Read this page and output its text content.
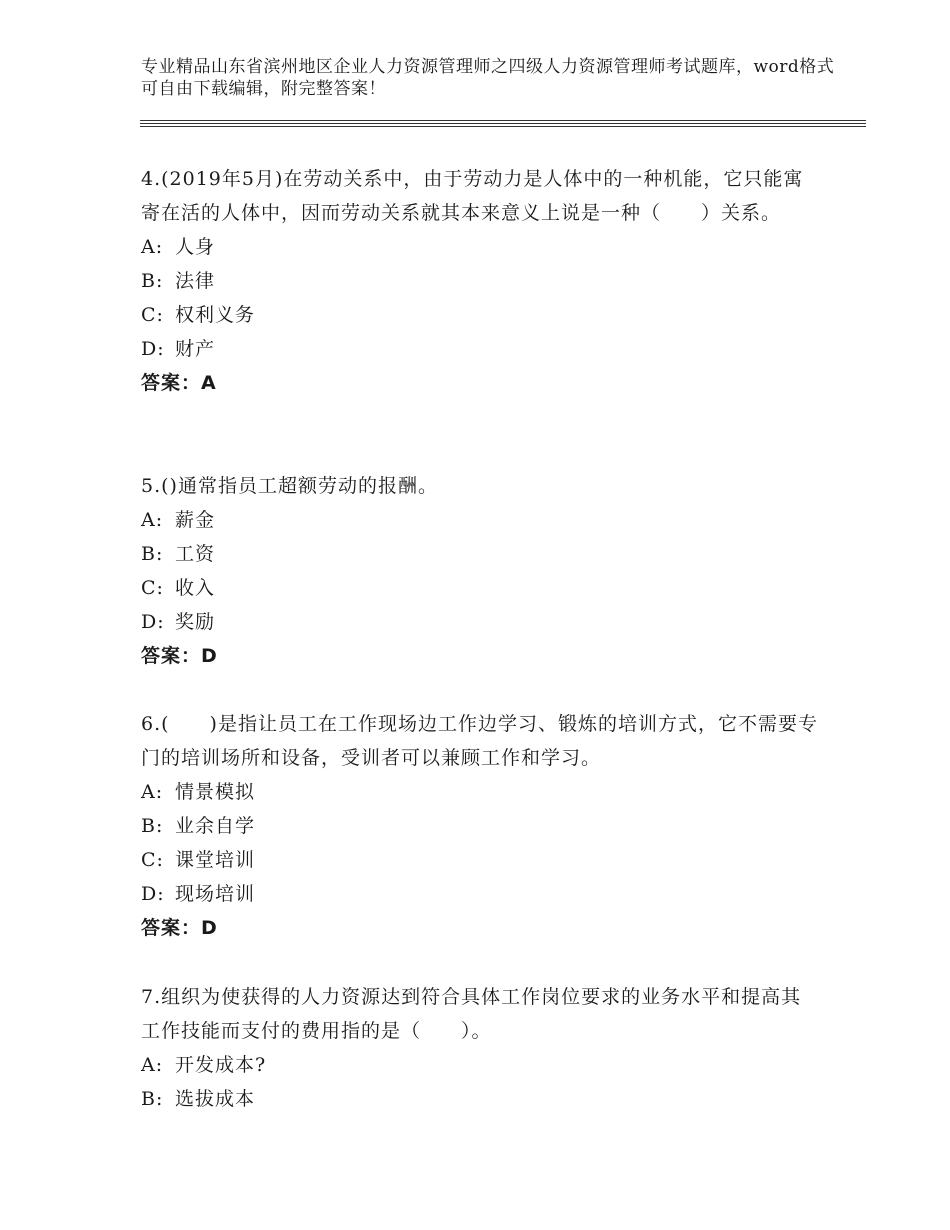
专业精品山东省滨州地区企业人力资源管理师之四级人力资源管理师考试题库，word格式可自由下载编辑，附完整答案！

4.(2019年5月)在劳动关系中，由于劳动力是人体中的一种机能，它只能寓寄在活的人体中，因而劳动关系就其本来意义上说是一种（　　）关系。

A: 人身

B: 法律

C: 权利义务

D: 财产

答案：A

5.()通常指员工超额劳动的报酬。

A: 薪金

B: 工资

C: 收入

D: 奖励

答案：D

6.(　　)是指让员工在工作现场边工作边学习、锻炼的培训方式，它不需要专门的培训场所和设备，受训者可以兼顾工作和学习。

A: 情景模拟

B: 业余自学

C: 课堂培训

D: 现场培训

答案：D

7.组织为使获得的人力资源达到符合具体工作岗位要求的业务水平和提高其工作技能而支付的费用指的是（　　）。

A: 开发成本?

B: 选拔成本
